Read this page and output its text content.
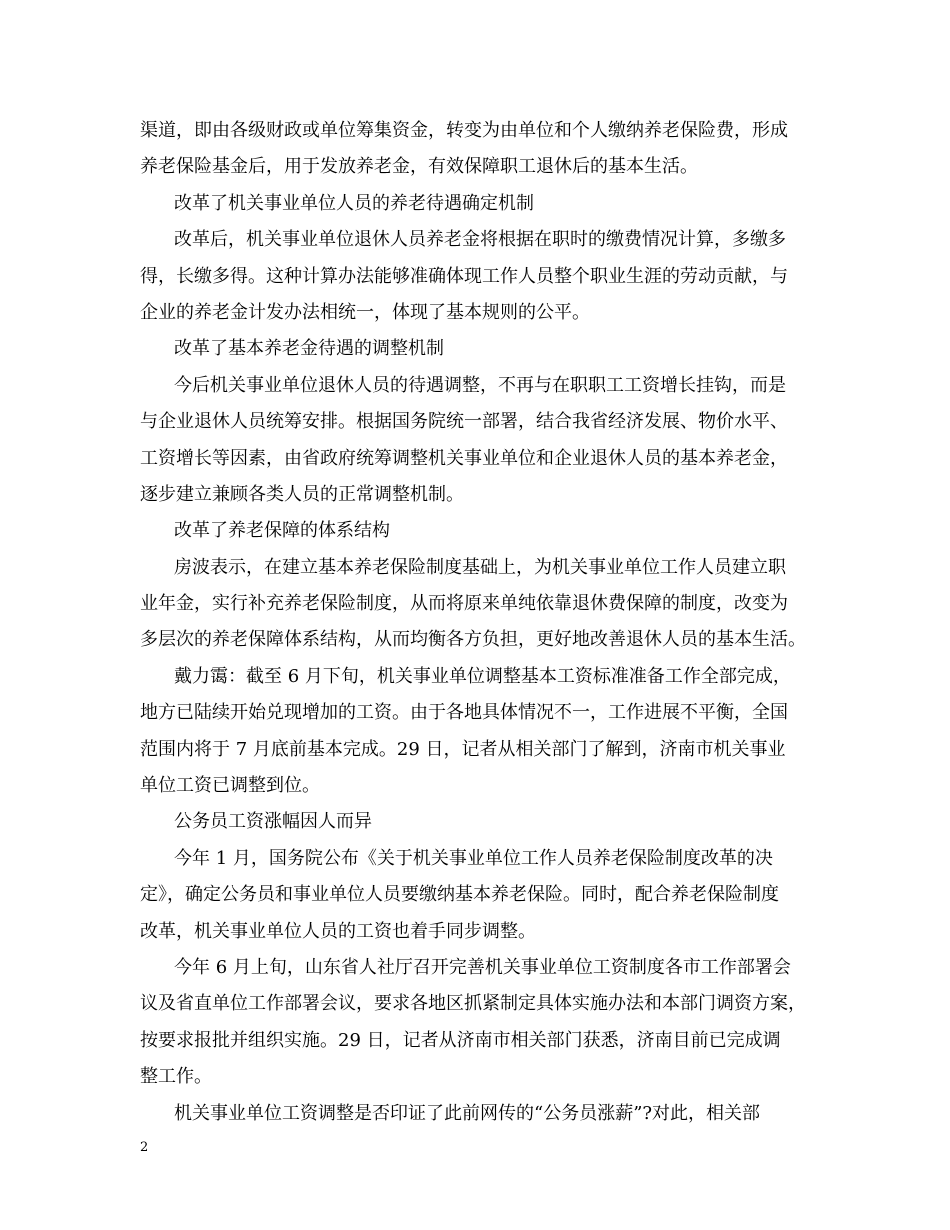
渠道，即由各级财政或单位筹集资金，转变为由单位和个人缴纳养老保险费，形成
养老保险基金后，用于发放养老金，有效保障职工退休后的基本生活。
改革了机关事业单位人员的养老待遇确定机制
改革后，机关事业单位退休人员养老金将根据在职时的缴费情况计算，多缴多
得，长缴多得。这种计算办法能够准确体现工作人员整个职业生涯的劳动贡献，与
企业的养老金计发办法相统一，体现了基本规则的公平。
改革了基本养老金待遇的调整机制
今后机关事业单位退休人员的待遇调整，不再与在职职工工资增长挂钩，而是
与企业退休人员统筹安排。根据国务院统一部署，结合我省经济发展、物价水平、
工资增长等因素，由省政府统筹调整机关事业单位和企业退休人员的基本养老金，
逐步建立兼顾各类人员的正常调整机制。
改革了养老保障的体系结构
房波表示，在建立基本养老保险制度基础上，为机关事业单位工作人员建立职
业年金，实行补充养老保险制度，从而将原来单纯依靠退休费保障的制度，改变为
多层次的养老保障体系结构，从而均衡各方负担，更好地改善退休人员的基本生活。
戴力霭：截至 6 月下旬，机关事业单位调整基本工资标准准备工作全部完成，
地方已陆续开始兑现增加的工资。由于各地具体情况不一，工作进展不平衡，全国
范围内将于 7 月底前基本完成。29 日，记者从相关部门了解到，济南市机关事业
单位工资已调整到位。
公务员工资涨幅因人而异
今年 1 月，国务院公布《关于机关事业单位工作人员养老保险制度改革的决
定》，确定公务员和事业单位人员要缴纳基本养老保险。同时，配合养老保险制度
改革，机关事业单位人员的工资也着手同步调整。
今年 6 月上旬，山东省人社厅召开完善机关事业单位工资制度各市工作部署会
议及省直单位工作部署会议，要求各地区抓紧制定具体实施办法和本部门调资方案，
按要求报批并组织实施。29 日，记者从济南市相关部门获悉，济南目前已完成调
整工作。
机关事业单位工资调整是否印证了此前网传的“公务员涨薪”?对此，相关部
2
